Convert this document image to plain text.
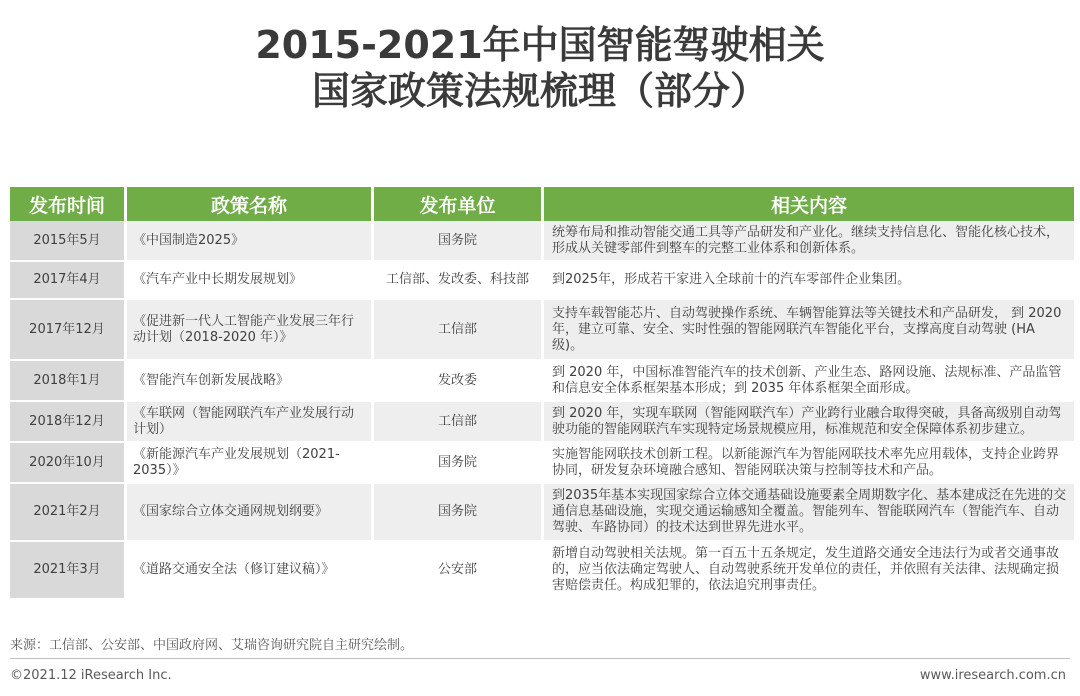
2015-2021年中国智能驾驶相关
国家政策法规梳理（部分）
发布时间	政策名称	发布单位	相关内容
2015年5月	《中国制造2025》	国务院	统筹布局和推动智能交通工具等产品研发和产业化。继续支持信息化、智能化核心技术，形成从关键零部件到整车的完整工业体系和创新体系。
2017年4月	《汽车产业中长期发展规划》	工信部、发改委、科技部	到2025年，形成若干家进入全球前十的汽车零部件企业集团。
2017年12月	《促进新一代人工智能产业发展三年行动计划（2018-2020 年）》	工信部	支持车载智能芯片、自动驾驶操作系统、车辆智能算法等关键技术和产品研发， 到 2020 年，建立可靠、安全、实时性强的智能网联汽车智能化平台，支撑高度自动驾驶 (HA 级)。
2018年1月	《智能汽车创新发展战略》	发改委	到 2020 年，中国标准智能汽车的技术创新、产业生态、路网设施、法规标准、产品监管和信息安全体系框架基本形成；到 2035 年体系框架全面形成。
2018年12月	《车联网（智能网联汽车产业发展行动计划）	工信部	到 2020 年，实现车联网（智能网联汽车）产业跨行业融合取得突破，具备高级别自动驾驶功能的智能网联汽车实现特定场景规模应用，标准规范和安全保障体系初步建立。
2020年10月	《新能源汽车产业发展规划（2021-2035）》	国务院	实施智能网联技术创新工程。以新能源汽车为智能网联技术率先应用载体，支持企业跨界协同，研发复杂环境融合感知、智能网联决策与控制等技术和产品。
2021年2月	《国家综合立体交通网规划纲要》	国务院	到2035年基本实现国家综合立体交通基础设施要素全周期数字化、基本建成泛在先进的交通信息基础设施，实现交通运输感知全覆盖。智能列车、智能联网汽车（智能汽车、自动驾驶、车路协同）的技术达到世界先进水平。
2021年3月	《道路交通安全法（修订建议稿）》	公安部	新增自动驾驶相关法规。第一百五十五条规定，发生道路交通安全违法行为或者交通事故的，应当依法确定驾驶人、自动驾驶系统开发单位的责任，并依照有关法律、法规确定损害赔偿责任。构成犯罪的，依法追究刑事责任。
来源：工信部、公安部、中国政府网、艾瑞咨询研究院自主研究绘制。
©2021.12 iResearch Inc.	www.iresearch.com.cn
